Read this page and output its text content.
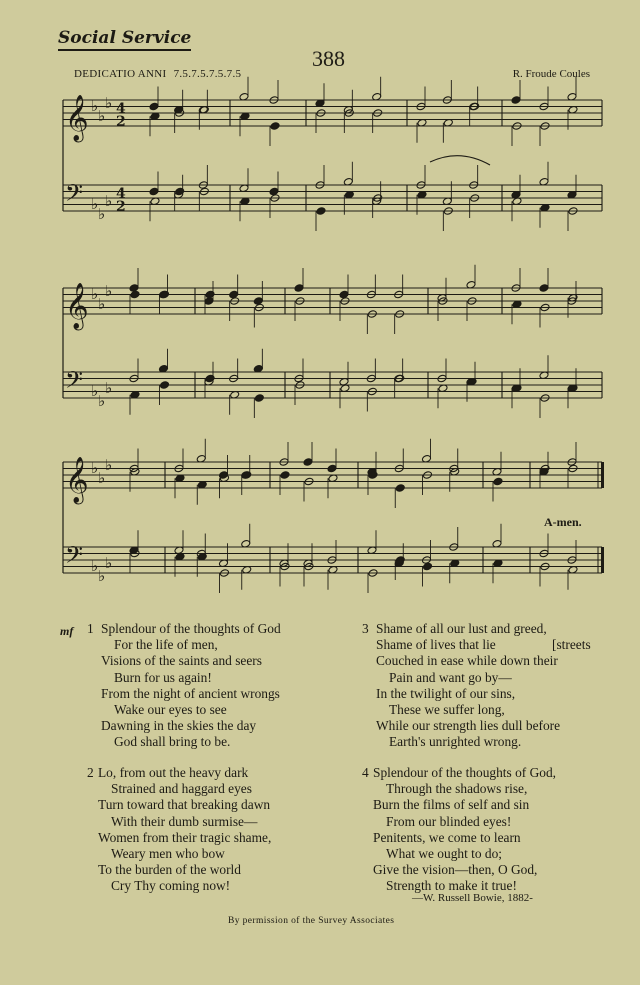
Social Service
388
DEDICATIO ANNI 7.5.7.5.7.5.7.5	R. Froude Coules
𝄞 ♭
♭
♭ 4
2
𝄢 ♭
♭
♭ 4
2
𝄞 ♭
♭
♭
𝄢 ♭
♭
♭
𝄞 ♭
♭
♭
𝄢 ♭
♭
♭
A-men.
mf 1 Splendour of the thoughts of God
For the life of men,
Visions of the saints and seers
Burn for us again!
From the night of ancient wrongs
Wake our eyes to see
Dawning in the skies the day
God shall bring to be.
2 Lo, from out the heavy dark
Strained and haggard eyes
Turn toward that breaking dawn
With their dumb surmise—
Women from their tragic shame,
Weary men who bow
To the burden of the world
Cry Thy coming now!
3 Shame of all our lust and greed,
Shame of lives that lie
Couched in ease while down their
Pain and want go by—
In the twilight of our sins,
These we suffer long,
While our strength lies dull before
Earth's unrighted wrong.
[streets
4 Splendour of the thoughts of God,
Through the shadows rise,
Burn the films of self and sin
From our blinded eyes!
Penitents, we come to learn
What we ought to do;
Give the vision—then, O God,
Strength to make it true!
—W. Russell Bowie, 1882-
By permission of the Survey Associates
